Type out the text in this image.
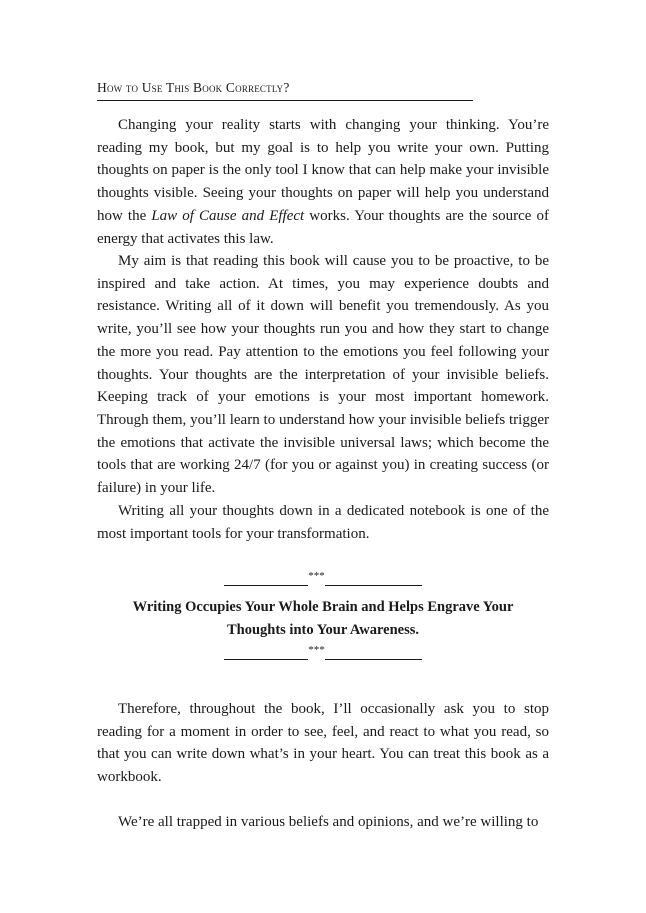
How to Use This Book Correctly?

Changing your reality starts with changing your thinking. You’re reading my book, but my goal is to help you write your own. Putting thoughts on paper is the only tool I know that can help make your invisible thoughts visible. Seeing your thoughts on paper will help you understand how the Law of Cause and Effect works. Your thoughts are the source of energy that activates this law.

My aim is that reading this book will cause you to be proactive, to be inspired and take action. At times, you may experience doubts and resistance. Writing all of it down will benefit you tremendously. As you write, you’ll see how your thoughts run you and how they start to change the more you read. Pay attention to the emotions you feel following your thoughts. Your thoughts are the interpretation of your invisible beliefs. Keeping track of your emotions is your most important homework. Through them, you’ll learn to understand how your invisible beliefs trigger the emotions that activate the invisible universal laws; which become the tools that are working 24/7 (for you or against you) in creating success (or failure) in your life.

Writing all your thoughts down in a dedicated notebook is one of the most important tools for your transformation.

***
Writing Occupies Your Whole Brain and Helps Engrave Your
Thoughts into Your Awareness.
***

Therefore, throughout the book, I’ll occasionally ask you to stop reading for a moment in order to see, feel, and react to what you read, so that you can write down what’s in your heart. You can treat this book as a workbook.

We’re all trapped in various beliefs and opinions, and we’re willing to
